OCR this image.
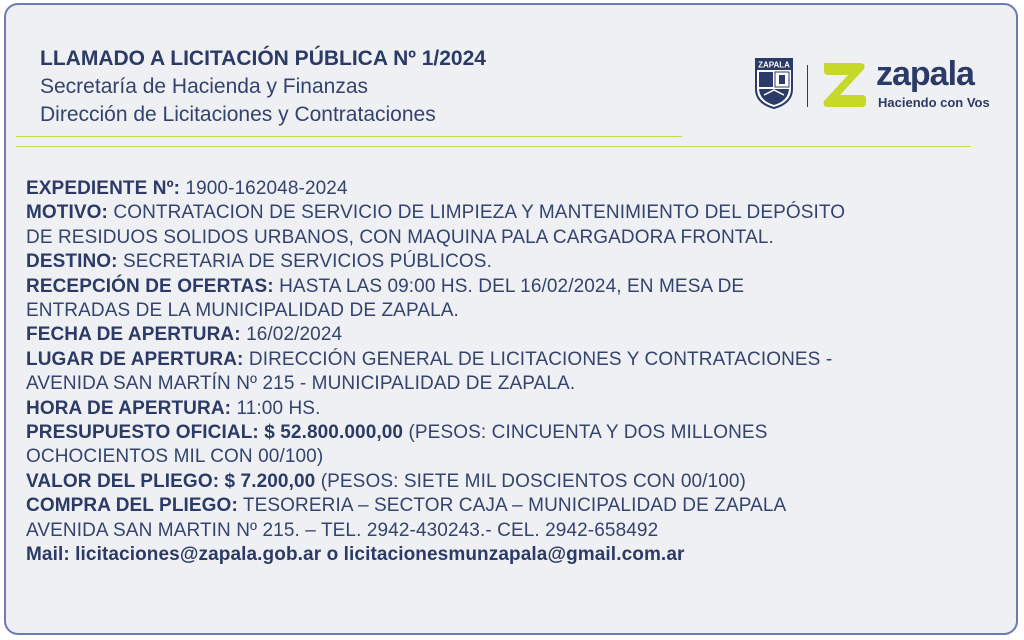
LLAMADO A LICITACIÓN PÚBLICA Nº 1/2024
Secretaría de Hacienda y Finanzas
Dirección de Licitaciones y Contrataciones
ZAPALA	zapala
Haciendo con Vos
EXPEDIENTE Nº: 1900-162048-2024
MOTIVO: CONTRATACION DE SERVICIO DE LIMPIEZA Y MANTENIMIENTO DEL DEPÓSITO
DE RESIDUOS SOLIDOS URBANOS, CON MAQUINA PALA CARGADORA FRONTAL.
DESTINO: SECRETARIA DE SERVICIOS PÚBLICOS.
RECEPCIÓN DE OFERTAS: HASTA LAS 09:00 HS. DEL 16/02/2024, EN MESA DE
ENTRADAS DE LA MUNICIPALIDAD DE ZAPALA.
FECHA DE APERTURA: 16/02/2024
LUGAR DE APERTURA: DIRECCIÓN GENERAL DE LICITACIONES Y CONTRATACIONES -
AVENIDA SAN MARTÍN Nº 215 - MUNICIPALIDAD DE ZAPALA.
HORA DE APERTURA: 11:00 HS.
PRESUPUESTO OFICIAL: $ 52.800.000,00 (PESOS: CINCUENTA Y DOS MILLONES
OCHOCIENTOS MIL CON 00/100)
VALOR DEL PLIEGO: $ 7.200,00 (PESOS: SIETE MIL DOSCIENTOS CON 00/100)
COMPRA DEL PLIEGO: TESORERIA – SECTOR CAJA – MUNICIPALIDAD DE ZAPALA
AVENIDA SAN MARTIN Nº 215. – TEL. 2942-430243.- CEL. 2942-658492
Mail: licitaciones@zapala.gob.ar o licitacionesmunzapala@gmail.com.ar
